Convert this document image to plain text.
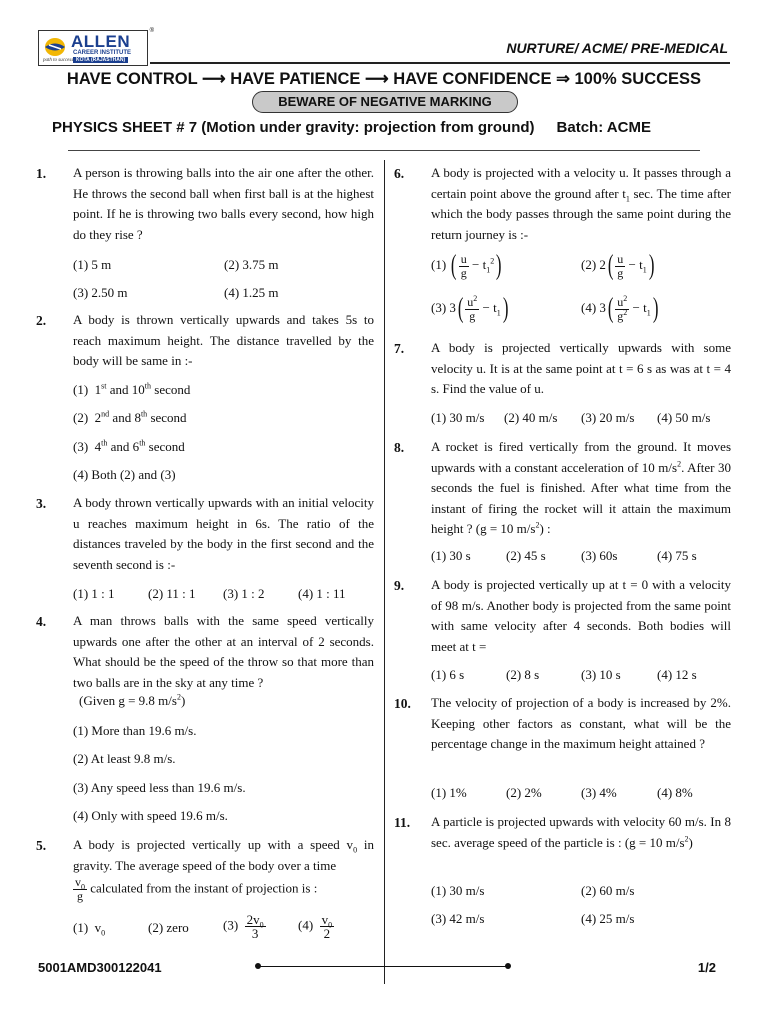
ALLEN
CAREER INSTITUTE
KOTA (RAJASTHAN)
path to success
®
NURTURE/ ACME/ PRE-MEDICAL
HAVE CONTROL ⟶ HAVE PATIENCE ⟶ HAVE CONFIDENCE ⇒ 100% SUCCESS
BEWARE OF NEGATIVE MARKING
PHYSICS SHEET # 7 (Motion under gravity: projection from ground) Batch: ACME
1. A person is throwing balls into the air one after the other. He throws the second ball when first ball is at the highest point. If he is throwing two balls every second, how high do they rise ?
(1) 5 m	(2) 3.75 m
(3) 2.50 m	(4) 1.25 m
2. A body is thrown vertically upwards and takes 5s to reach maximum height. The distance travelled by the body will be same in :-
(1) 1st and 10th second
(2) 2nd and 8th second
(3) 4th and 6th second
(4) Both (2) and (3)
3. A body thrown vertically upwards with an initial velocity u reaches maximum height in 6s. The ratio of the distances traveled by the body in the first second and the seventh second is :-
(1) 1 : 1	(2) 11 : 1 (3) 1 : 2	(4) 1 : 11
4. A man throws balls with the same speed vertically upwards one after the other at an interval of 2 seconds. What should be the speed of the throw so that more than two balls are in the sky at any time ?
(Given g = 9.8 $m/s^2$)
(1) More than 19.6 m/s.
(2) At least 9.8 m/s.
(3) Any speed less than 19.6 m/s.
(4) Only with speed 19.6 m/s.
5. A body is projected vertically up with a speed $v_0$ in gravity. The average speed of the body over a time
$\frac{v_0}{g}$ calculated from the instant of projection is :
(1)  $v_0$	(2) zero	$(3) \frac{2v_0}{3} (4) \frac{v_0}{2}$
6. A body is projected with a velocity u. It passes through a certain point above the ground after $t_1$ sec. The time after which the body passes through the same point during the return journey is :-
(1) ( $\frac{u}{g} - t_1^2$)	(2) $2( \frac{u}{g} - t_1)$
(3) $3( \frac{u^2}{g} - t_1)$	(4) $3( \frac{u^2}{g^2} - t_1)$
7. A body is projected vertically upwards with some velocity u. It is at the same point at t = 6 s as was at t = 4 s. Find the value of u.
(1) 30 m/s (2) 40 m/s (3) 20 m/s (4) 50 m/s
8. A rocket is fired vertically from the ground. It moves upwards with a constant acceleration of 10 $m/s^2$. After 30 seconds the fuel is finished. After what time from the instant of firing the rocket will it attain the maximum height ? (g = 10 $m/s^2$) :
(1) 30 s	(2) 45 s	(3) 60s	(4) 75 s
9. A body is projected vertically up at t = 0 with a velocity of 98 m/s. Another body is projected from the same point with same velocity after 4 seconds. Both bodies will meet at t =
(1) 6 s	(2) 8 s	(3) 10 s	(4) 12 s
10. The velocity of projection of a body is increased by 2%. Keeping other factors as constant, what will be the percentage change in the maximum height attained ?
(1) 1%	(2) 2%	(3) 4%	(4) 8%
11. A particle is projected upwards with velocity 60 m/s. In 8 sec. average speed of the particle is : (g = 10 $m/s^2$)
(1) 30 m/s	(2) 60 m/s
(3) 42 m/s	(4) 25 m/s
5001AMD300122041	1/2
